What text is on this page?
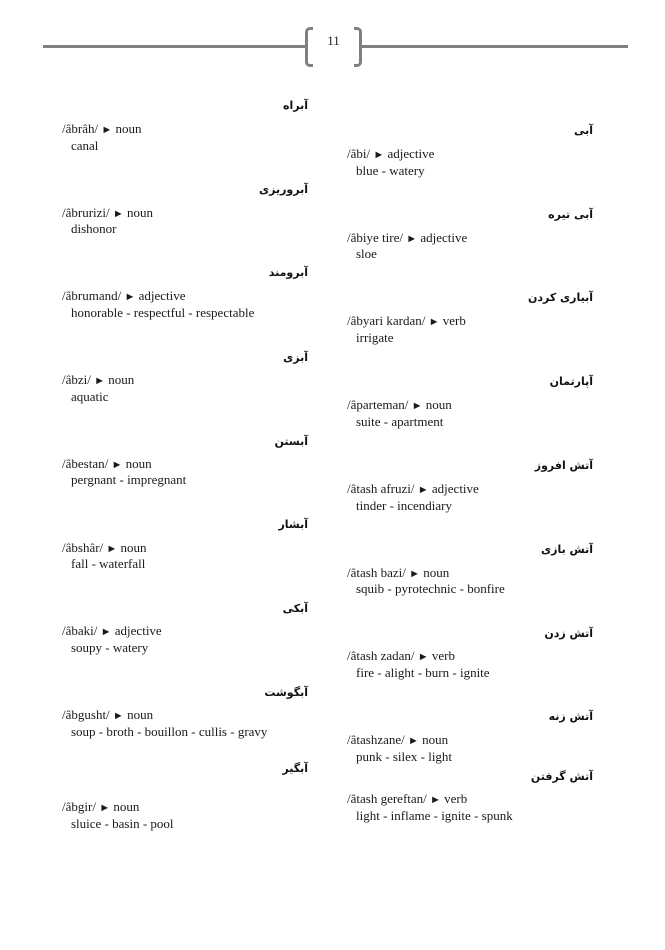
11
آبراه
/âbrâh/ ► noun
canal
آبروریزی
/âbrurizi/ ► noun
dishonor
آبرومند
/âbrumand/ ► adjective
honorable - respectful - respectable
آبزی
/âbzi/ ► noun
aquatic
آبستن
/âbestan/ ► noun
pergnant - impregnant
آبشار
/âbshâr/ ► noun
fall - waterfall
آبکی
/âbaki/ ► adjective
soupy - watery
آبگوشت
/âbgusht/ ► noun
soup - broth - bouillon - cullis - gravy
آبگیر
/âbgir/ ► noun
sluice - basin - pool
آبی
/âbi/ ► adjective
blue - watery
آبی تیره
/âbiye tire/ ► adjective
sloe
آبیاری کردن
/âbyari kardan/ ► verb
irrigate
آپارتمان
/âparteman/ ► noun
suite - apartment
آتش افروز
/âtash afruzi/ ► adjective
tinder - incendiary
آتش بازی
/âtash bazi/ ► noun
squib - pyrotechnic - bonfire
آتش زدن
/âtash zadan/ ► verb
fire - alight - burn - ignite
آتش زنه
/âtashzane/ ► noun
punk - silex - light
آتش گرفتن
/âtash gereftan/ ► verb
light - inflame - ignite - spunk
